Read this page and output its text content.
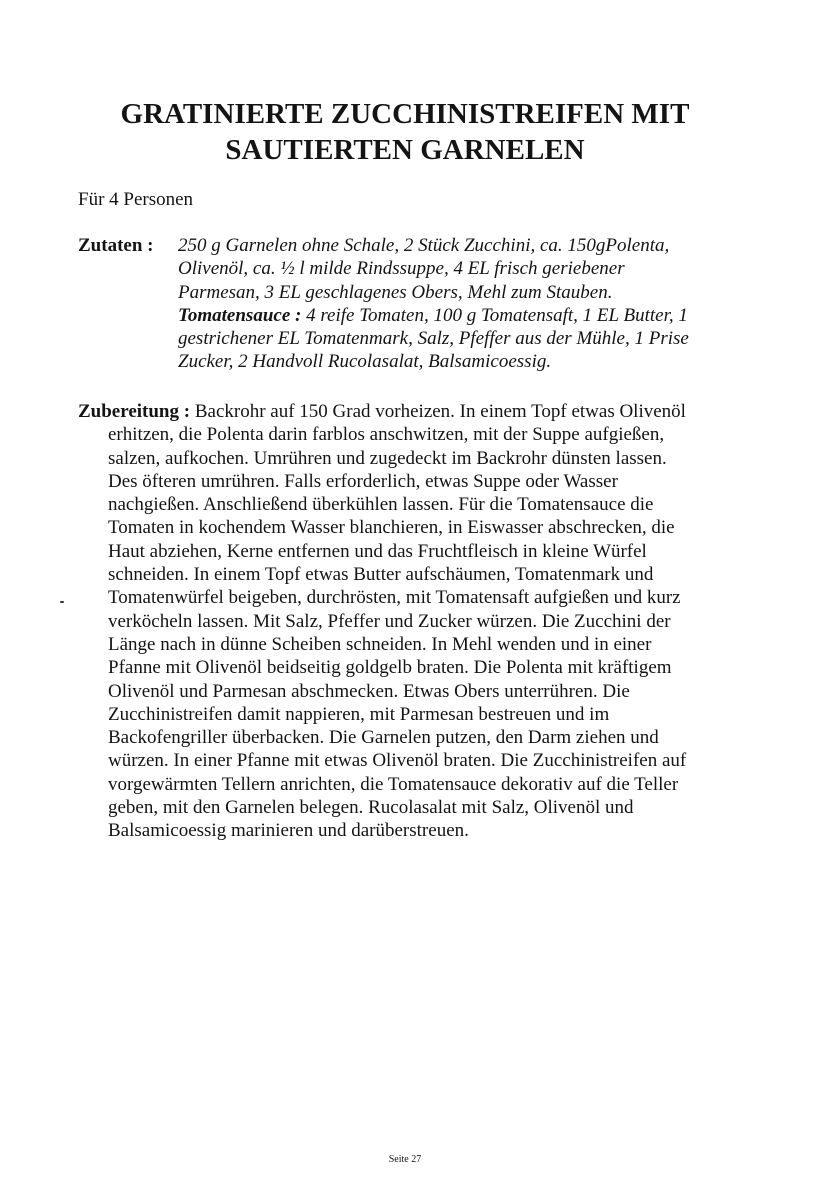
GRATINIERTE ZUCCHINISTREIFEN MIT
SAUTIERTEN GARNELEN
Für 4 Personen
Zutaten : 250 g Garnelen ohne Schale, 2 Stück Zucchini, ca. 150gPolenta,
Olivenöl, ca. ½ l milde Rindssuppe, 4 EL frisch geriebener
Parmesan, 3 EL geschlagenes Obers, Mehl zum Stauben.
Tomatensauce : 4 reife Tomaten, 100 g Tomatensaft, 1 EL Butter, 1
gestrichener EL Tomatenmark, Salz, Pfeffer aus der Mühle, 1 Prise
Zucker, 2 Handvoll Rucolasalat, Balsamicoessig.
Zubereitung : Backrohr auf 150 Grad vorheizen. In einem Topf etwas Olivenöl
erhitzen, die Polenta darin farblos anschwitzen, mit der Suppe aufgießen,
salzen, aufkochen. Umrühren und zugedeckt im Backrohr dünsten lassen.
Des öfteren umrühren. Falls erforderlich, etwas Suppe oder Wasser
nachgießen. Anschließend überkühlen lassen. Für die Tomatensauce die
Tomaten in kochendem Wasser blanchieren, in Eiswasser abschrecken, die
Haut abziehen, Kerne entfernen und das Fruchtfleisch in kleine Würfel
schneiden. In einem Topf etwas Butter aufschäumen, Tomatenmark und
Tomatenwürfel beigeben, durchrösten, mit Tomatensaft aufgießen und kurz
verköcheln lassen. Mit Salz, Pfeffer und Zucker würzen. Die Zucchini der
Länge nach in dünne Scheiben schneiden. In Mehl wenden und in einer
Pfanne mit Olivenöl beidseitig goldgelb braten. Die Polenta mit kräftigem
Olivenöl und Parmesan abschmecken. Etwas Obers unterrühren. Die
Zucchinistreifen damit nappieren, mit Parmesan bestreuen und im
Backofengriller überbacken. Die Garnelen putzen, den Darm ziehen und
würzen. In einer Pfanne mit etwas Olivenöl braten. Die Zucchinistreifen auf
vorgewärmten Tellern anrichten, die Tomatensauce dekorativ auf die Teller
geben, mit den Garnelen belegen. Rucolasalat mit Salz, Olivenöl und
Balsamicoessig marinieren und darüberstreuen.
Seite 27
